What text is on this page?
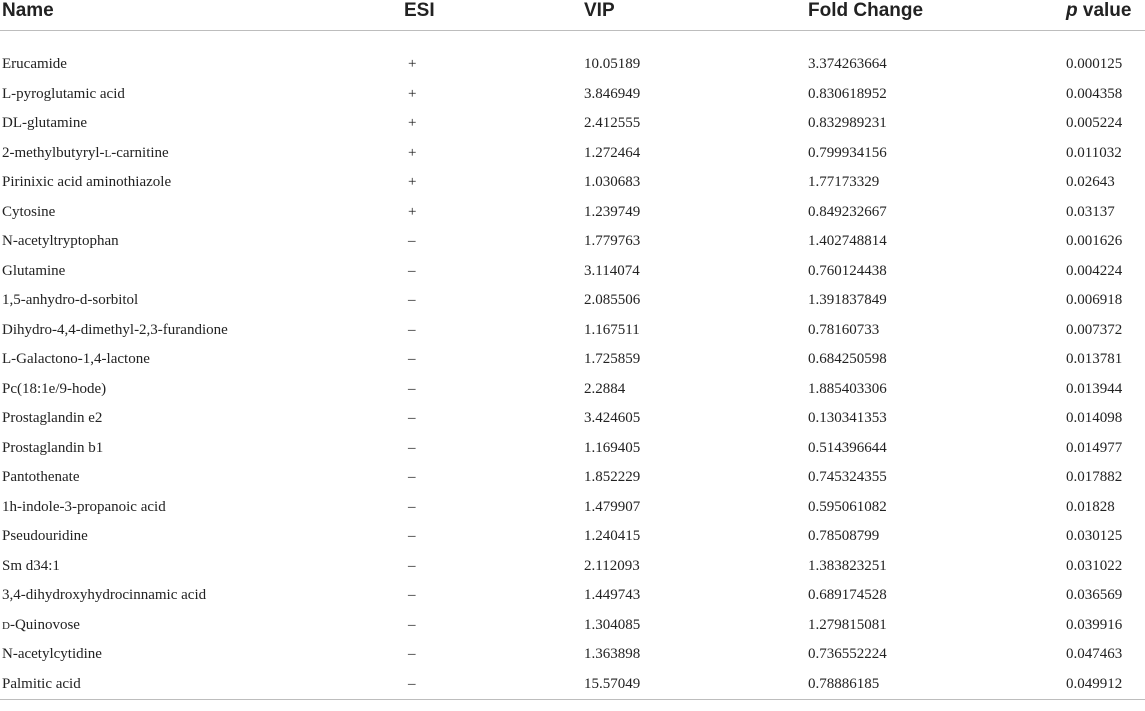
Name	ESI	VIP	Fold Change	p value

Erucamide	+	10.05189	3.374263664	0.000125
L-pyroglutamic acid	+	3.846949	0.830618952	0.004358
DL-glutamine	+	2.412555	0.832989231	0.005224
2-methylbutyryl-l-carnitine	+	1.272464	0.799934156	0.011032
Pirinixic acid aminothiazole	+	1.030683	1.77173329	0.02643
Cytosine	+	1.239749	0.849232667	0.03137
N-acetyltryptophan	–	1.779763	1.402748814	0.001626
Glutamine	–	3.114074	0.760124438	0.004224
1,5-anhydro-d-sorbitol	–	2.085506	1.391837849	0.006918
Dihydro-4,4-dimethyl-2,3-furandione	–	1.167511	0.78160733	0.007372
L-Galactono-1,4-lactone	–	1.725859	0.684250598	0.013781
Pc(18:1e/9-hode)	–	2.2884	1.885403306	0.013944
Prostaglandin e2	–	3.424605	0.130341353	0.014098
Prostaglandin b1	–	1.169405	0.514396644	0.014977
Pantothenate	–	1.852229	0.745324355	0.017882
1h-indole-3-propanoic acid	–	1.479907	0.595061082	0.01828
Pseudouridine	–	1.240415	0.78508799	0.030125
Sm d34:1	–	2.112093	1.383823251	0.031022
3,4-dihydroxyhydrocinnamic acid	–	1.449743	0.689174528	0.036569
d-Quinovose	–	1.304085	1.279815081	0.039916
N-acetylcytidine	–	1.363898	0.736552224	0.047463
Palmitic acid	–	15.57049	0.78886185	0.049912
